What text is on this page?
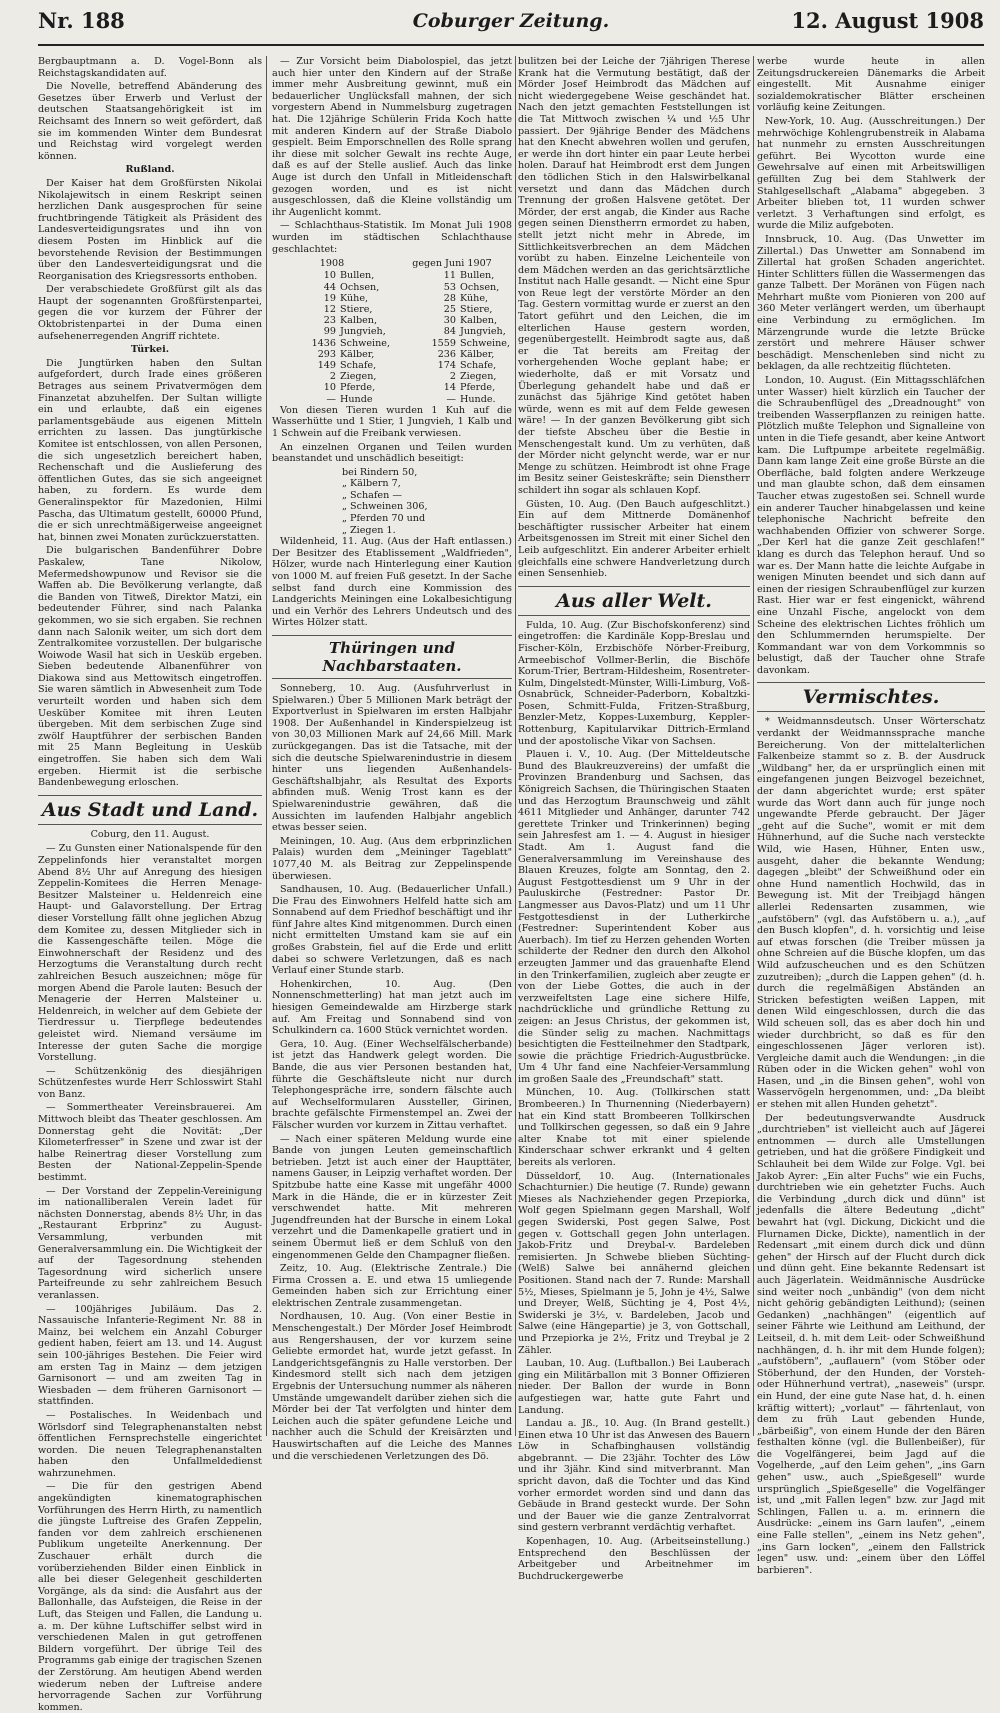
Nr. 188	Coburger Zeitung.	12. August 1908

Bergbauptmann a. D. Vogel-Bonn als Reichstagskandidaten auf.

Die Novelle, betreffend Abänderung des Gesetzes über Erwerb und Verlust der deutschen Staatsangehörigkeit ist im Reichsamt des Innern so weit gefördert, daß sie im kommenden Winter dem Bundesrat und Reichstag wird vorgelegt werden können.

Rußland.

Der Kaiser hat dem Großfürsten Nikolai Nikolajewitsch in einem Reskript seinen herzlichen Dank ausgesprochen für seine fruchtbringende Tätigkeit als Präsident des Landesverteidigungsrates und ihn von diesem Posten im Hinblick auf die bevorstehende Revision der Bestimmungen über den Landesverteidigungsrat und die Reorganisation des Kriegsressorts enthoben.

Der verabschiedete Großfürst gilt als das Haupt der sogenannten Großfürstenpartei, gegen die vor kurzem der Führer der Oktobristenpartei in der Duma einen aufsehenerregenden Angriff richtete.

Türkei.

Die Jungtürken haben den Sultan aufgefordert, durch Irade eines größeren Betrages aus seinem Privatvermögen dem Finanzetat abzuhelfen. Der Sultan willigte ein und erlaubte, daß ein eigenes parlamentsgebäude aus eigenen Mitteln errichten zu lassen. Das jungtürkische Komitee ist entschlossen, von allen Personen, die sich ungesetzlich bereichert haben, Rechenschaft und die Auslieferung des öffentlichen Gutes, das sie sich angeeignet haben, zu fordern. Es wurde dem Generalinspektor für Mazedonien, Hilmi Pascha, das Ultimatum gestellt, 60000 Pfund, die er sich unrechtmäßigerweise angeeignet hat, binnen zwei Monaten zurückzuerstatten.

Die bulgarischen Bandenführer Dobre Paskalew, Tane Nikolow, Mefermedshowpunow und Revisor sie die Waffen ab. Die Bevölkerung verlangte, daß die Banden von Titweß, Direktor Matzi, ein bedeutender Führer, sind nach Palanka gekommen, wo sie sich ergaben. Sie rechnen dann nach Salonik weiter, um sich dort dem Zentralkomitee vorzustellen. Der bulgarische Woiwode Wasil hat sich in Uesküb ergeben. Sieben bedeutende Albanenführer von Diakowa sind aus Mettowitsch eingetroffen. Sie waren sämtlich in Abwesenheit zum Tode verurteilt worden und haben sich dem Uesküber Komitee mit ihren Leuten übergeben. Mit dem serbischen Zuge sind zwölf Hauptführer der serbischen Banden mit 25 Mann Begleitung in Uesküb eingetroffen. Sie haben sich dem Wali ergeben. Hiermit ist die serbische Bandenbewegung erloschen.

Aus Stadt und Land.
Coburg, den 11. August.

— Zu Gunsten einer Nationalspende für den Zeppelinfonds hier veranstaltet morgen Abend 8½ Uhr auf Anregung des hiesigen Zeppelin-Komitees die Herren Menage-Besitzer Malsteiner u. Heldenreich eine Haupt- und Galavorstellung. Der Ertrag dieser Vorstellung fällt ohne jeglichen Abzug dem Komitee zu, dessen Mitglieder sich in die Kassengeschäfte teilen. Möge die Einwohnerschaft der Residenz und des Herzogtums die Veranstaltung durch recht zahlreichen Besuch auszeichnen; möge für morgen Abend die Parole lauten: Besuch der Menagerie der Herren Malsteiner u. Heldenreich, in welcher auf dem Gebiete der Tierdressur u. Tierpflege bedeutendes geleistet wird. Niemand versäume im Interesse der guten Sache die morgige Vorstellung.

— Schützenkönig des diesjährigen Schützenfestes wurde Herr Schlosswirt Stahl von Banz.

— Sommertheater Vereinsbrauerei. Am Mittwoch bleibt das Theater geschlossen. Am Donnerstag geht die Novität: „Der Kilometerfresser" in Szene und zwar ist der halbe Reinertrag dieser Vorstellung zum Besten der National-Zeppelin-Spende bestimmt.

— Der Vorstand der Zeppelin-Vereinigung im nationalliberalen Verein ladet für nächsten Donnerstag, abends 8½ Uhr, in das „Restaurant Erbprinz" zu August-Versammlung, verbunden mit Generalversammlung ein. Die Wichtigkeit der auf der Tagesordnung stehenden Tagesordnung wird sicherlich unsere Parteifreunde zu sehr zahlreichem Besuch veranlassen.

— 100jähriges Jubiläum. Das 2. Nassauische Infanterie-Regiment Nr. 88 in Mainz, bei welchem ein Anzahl Coburger gedient haben, feiert am 13. und 14. August sein 100-jähriges Bestehen. Die Feier wird am ersten Tag in Mainz — dem jetzigen Garnisonort — und am zweiten Tag in Wiesbaden — dem früheren Garnisonort — stattfinden.

— Postalisches. In Weidenbach und Wörlsdorf sind Telegraphenanstalten nebst öffentlichen Fernsprechstelle eingerichtet worden. Die neuen Telegraphenanstalten haben den Unfallmeldedienst wahrzunehmen.

— Die für den gestrigen Abend angekündigten kinematographischen Vorführungen des Herrn Hirth, zu namentlich die jüngste Luftreise des Grafen Zeppelin, fanden vor dem zahlreich erschienenen Publikum ungeteilte Anerkennung. Der Zuschauer erhält durch die vorüberziehenden Bilder einen Einblick in alle bei dieser Gelegenheit geschilderten Vorgänge, als da sind: die Ausfahrt aus der Ballonhalle, das Aufsteigen, die Reise in der Luft, das Steigen und Fallen, die Landung u. a. m. Der kühne Luftschiffer selbst wird in verschiedenen Malen in gut getroffenen Bildern vorgeführt. Der übrige Teil des Programms gab einige der tragischen Szenen der Zerstörung. Am heutigen Abend werden wiederum neben der Luftreise andere hervorragende Sachen zur Vorführung kommen.

— Zur Vorsicht beim Diabolospiel, das jetzt auch hier unter den Kindern auf der Straße immer mehr Ausbreitung gewinnt, muß ein bedauerlicher Unglücksfall mahnen, der sich vorgestern Abend in Nummelsburg zugetragen hat. Die 12jährige Schülerin Frida Koch hatte mit anderen Kindern auf der Straße Diabolo gespielt. Beim Emporschnellen des Rolle sprang ihr diese mit solcher Gewalt ins rechte Auge, daß es auf der Stelle auslief. Auch das linke Auge ist durch den Unfall in Mitleidenschaft gezogen worden, und es ist nicht ausgeschlossen, daß die Kleine vollständig um ihr Augenlicht kommt.

— Schlachthaus-Statistik. Im Monat Juli 1908 wurden im städtischen Schlachthause geschlachtet:

1908		gegen Juni 1907	
10	Bullen,	11	Bullen,
44	Ochsen,	53	Ochsen,
19	Kühe,	28	Kühe,
12	Stiere,	25	Stiere,
23	Kalben,	30	Kalben,
99	Jungvieh,	84	Jungvieh,
1436	Schweine,	1559	Schweine,
293	Kälber,	236	Kälber,
149	Schafe,	174	Schafe,
2	Ziegen,	2	Ziegen,
10	Pferde,	14	Pferde,
—	Hunde	—	Hunde.

Von diesen Tieren wurden 1 Kuh auf die Wasserhütte und 1 Stier, 1 Jungvieh, 1 Kalb und 1 Schwein auf die Freibank verwiesen.

An einzelnen Organen und Teilen wurden beanstandet und unschädlich beseitigt:

bei Rindern 50,
„ Kälbern 7,
„ Schafen —
„ Schweinen 306,
„ Pferden 70 und
„ Ziegen 1.

Wildenheid, 11. Aug. (Aus der Haft entlassen.) Der Besitzer des Etablissement „Waldfrieden", Hölzer, wurde nach Hinterlegung einer Kaution von 1000 M. auf freien Fuß gesetzt. In der Sache selbst fand durch eine Kommission des Landgerichts Meiningen eine Lokalbesichtigung und ein Verhör des Lehrers Undeutsch und des Wirtes Hölzer statt.

Thüringen und Nachbarstaaten.

Sonneberg, 10. Aug. (Ausfuhrverlust in Spielwaren.) Über 5 Millionen Mark beträgt der Exportverlust in Spielwaren im ersten Halbjahr 1908. Der Außenhandel in Kinderspielzeug ist von 30,03 Millionen Mark auf 24,66 Mill. Mark zurückgegangen. Das ist die Tatsache, mit der sich die deutsche Spielwarenindustrie in diesem hinter uns liegenden Außenhandels-Geschäftshalbjahr, als Resultat des Exports abfinden muß. Wenig Trost kann es der Spielwarenindustrie gewähren, daß die Aussichten im laufenden Halbjahr angeblich etwas besser seien.

Meiningen, 10. Aug. (Aus dem erbprinzlichen Palais) wurden dem „Meininger Tageblatt" 1077,40 M. als Beitrag zur Zeppelinspende überwiesen.

Sandhausen, 10. Aug. (Bedauerlicher Unfall.) Die Frau des Einwohners Helfeld hatte sich am Sonnabend auf dem Friedhof beschäftigt und ihr fünf Jahre altes Kind mitgenommen. Durch einen nicht ermittelten Umstand kam sie auf ein großes Grabstein, fiel auf die Erde und erlitt dabei so schwere Verletzungen, daß es nach Verlauf einer Stunde starb.

Hohenkirchen, 10. Aug. (Den Nonnenschmetterling) hat man jetzt auch im hiesigen Gemeindewalde am Hirzberge stark auf. Am Freitag und Sonnabend sind von Schulkindern ca. 1600 Stück vernichtet worden.

Gera, 10. Aug. (Einer Wechselfälscherbande) ist jetzt das Handwerk gelegt worden. Die Bande, die aus vier Personen bestanden hat, führte die Geschäftsleute nicht nur durch Telephongespräche irre, sondern fälschte auch auf Wechselformularen Aussteller, Girinen, brachte gefälschte Firmenstempel an. Zwei der Fälscher wurden vor kurzem in Zittau verhaftet.

— Nach einer späteren Meldung wurde eine Bande von jungen Leuten gemeinschaftlich betrieben. Jetzt ist auch einer der Haupttäter, namens Gauser, in Leipzig verhaftet worden. Der Spitzbube hatte eine Kasse mit ungefähr 4000 Mark in die Hände, die er in kürzester Zeit verschwendet hatte. Mit mehreren Jugendfreunden hat der Bursche in einem Lokal verzehrt und die Damenkapelle gratiert und in seinem Übermut ließ er dem Schluß von den eingenommenen Gelde den Champagner fließen.

Zeitz, 10. Aug. (Elektrische Zentrale.) Die Firma Crossen a. E. und etwa 15 umliegende Gemeinden haben sich zur Errichtung einer elektrischen Zentrale zusammengetan.

Nordhausen, 10. Aug. (Von einer Bestie in Menschengestalt.) Der Mörder Josef Heimbrodt aus Rengershausen, der vor kurzem seine Geliebte ermordet hat, wurde jetzt gefasst. In Landgerichtsgefängnis zu Halle verstorben. Der Kindesmord stellt sich nach dem jetzigen Ergebnis der Untersuchung nummer als näheren Umstände umgewandelt darüber ziehen sich die Mörder bei der Tat verfolgten und hinter dem Leichen auch die später gefundene Leiche und nachher auch die Schuld der Kreisärzten und Hauswirtschaften auf die Leiche des Mannes und die verschiedenen Verletzungen des Dö.

bulitzen bei der Leiche der 7jährigen Therese Krank hat die Vermutung bestätigt, daß der Mörder Josef Heimbrodt das Mädchen auf nicht wiedergegebene Weise geschändet hat. Nach den jetzt gemachten Feststellungen ist die Tat Mittwoch zwischen ¼ und ½5 Uhr passiert. Der 9jährige Bender des Mädchens hat den Knecht abwehren wollen und gerufen, er werde ihn dort hinter ein paar Leute herbei holen. Darauf hat Heimbrodt erst dem Jungen den tödlichen Stich in den Halswirbelkanal versetzt und dann das Mädchen durch Trennung der großen Halsvene getötet. Der Mörder, der erst angab, die Kinder aus Rache gegen seinen Dienstherrn ermordet zu haben, stellt jetzt nicht mehr in Abrede, im Sittlichkeitsverbrechen an dem Mädchen vorübt zu haben. Einzelne Leichenteile von dem Mädchen werden an das gerichtsärztliche Institut nach Halle gesandt. — Nicht eine Spur von Reue legt der verstörte Mörder an den Tag. Gestern vormittag wurde er zuerst an den Tatort geführt und den Leichen, die im elterlichen Hause gestern worden, gegenübergestellt. Heimbrodt sagte aus, daß er die Tat bereits am Freitag der vorhergehenden Woche geplant habe; er wiederholte, daß er mit Vorsatz und Überlegung gehandelt habe und daß er zunächst das 5jährige Kind getötet haben würde, wenn es mit auf dem Felde gewesen wäre! — In der ganzen Bevölkerung gibt sich der tiefste Abscheu über die Bestie in Menschengestalt kund. Um zu verhüten, daß der Mörder nicht gelyncht werde, war er nur Menge zu schützen. Heimbrodt ist ohne Frage im Besitz seiner Geisteskräfte; sein Dienstherr schildert ihn sogar als schlauen Kopf.

Güsten, 10. Aug. (Den Bauch aufgeschlitzt.) Ein auf dem Mittnerde Domänenhof beschäftigter russischer Arbeiter hat einem Arbeitsgenossen im Streit mit einer Sichel den Leib aufgeschlitzt. Ein anderer Arbeiter erhielt gleichfalls eine schwere Handverletzung durch einen Sensenhieb.

Aus aller Welt.

Fulda, 10. Aug. (Zur Bischofskonferenz) sind eingetroffen: die Kardinäle Kopp-Breslau und Fischer-Köln, Erzbischöfe Nörber-Freiburg, Armeebischof Vollmer-Berlin, die Bischöfe Korum-Trier, Bertram-Hildesheim, Rosentreter-Kulm, Dingelstedt-Münster, Willi-Limburg, Voß-Osnabrück, Schneider-Paderborn, Kobaltzki-Posen, Schmitt-Fulda, Fritzen-Straßburg, Benzler-Metz, Koppes-Luxemburg, Keppler-Rottenburg, Kapitularvikar Dittrich-Ermland und der apostolische Vikar von Sachsen.

Plauen i. V., 10. Aug. (Der Mitteldeutsche Bund des Blaukreuzvereins) der umfaßt die Provinzen Brandenburg und Sachsen, das Königreich Sachsen, die Thüringischen Staaten und das Herzogtum Braunschweig und zählt 4611 Mitglieder und Anhänger, darunter 742 gerettete Trinker und Trinkerinnen) beging sein Jahresfest am 1. — 4. August in hiesiger Stadt. Am 1. August fand die Generalversammlung im Vereinshause des Blauen Kreuzes, folgte am Sonntag, den 2. August Festgottesdienst um 9 Uhr in der Pauluskirche (Festredner: Pastor Dr. Langmesser aus Davos-Platz) und um 11 Uhr Festgottesdienst in der Lutherkirche (Festredner: Superintendent Kober aus Auerbach). Im tief zu Herzen gehenden Worten schilderte der Redner den durch den Alkohol erzeugten Jammer und das grauenhafte Elend in den Trinkerfamilien, zugleich aber zeugte er von der Liebe Gottes, die auch in der verzweifeltsten Lage eine sichere Hilfe, nachdrückliche und gründliche Rettung zu zeigen: an Jesus Christus, der gekommen ist, die Sünder selig zu machen. Nachmittags besichtigten die Festteilnehmer den Stadtpark, sowie die prächtige Friedrich-Augustbrücke. Um 4 Uhr fand eine Nachfeier-Versammlung im großen Saale des „Freundschaft" statt.

München, 10. Aug. (Tollkirschen statt Brombeeren.) In Thurnenning (Niederbayern) hat ein Kind statt Brombeeren Tollkirschen und Tollkirschen gegessen, so daß ein 9 Jahre alter Knabe tot mit einer spielende Kinderschaar schwer erkrankt und 4 gelten bereits als verloren.

Düsseldorf, 10. Aug. (Internationales Schachturnier.) Die heutige (7. Runde) gewann Mieses als Nachziehender gegen Przepiorka, Wolf gegen Spielmann gegen Marshall, Wolf gegen Swiderski, Post gegen Salwe, Post gegen v. Gottschall gegen John unterlagen. Jakob-Fritz und Dreybal-v. Bardeleben remisierten. Jn Schwebe blieben Süchting-(Welß) Salwe bei annähernd gleichen Positionen. Stand nach der 7. Runde: Marshall 5½, Mieses, Spielmann je 5, John je 4½, Salwe und Dreyer, Welß, Süchting je 4, Post 4½, Swiderski je 3½, v. Bardeleben, Jacob und Salwe (eine Hängepartie) je 3, von Gottschall, und Przepiorka je 2½, Fritz und Treybal je 2 Zähler.

Lauban, 10. Aug. (Luftballon.) Bei Lauberach ging ein Militärballon mit 3 Bonner Offizieren nieder. Der Ballon der wurde in Bonn aufgestiegen war, hatte gute Fahrt und Landung.

Landau a. Jß., 10. Aug. (In Brand gestellt.) Einen etwa 10 Uhr ist das Anwesen des Bauern Löw in Schafbinghausen vollständig abgebrannt. — Die 23jähr. Tochter des Löw und ihr 3jähr. Kind sind mitverbrannt. Man spricht davon, daß die Tochter und das Kind vorher ermordet worden sind und dann das Gebäude in Brand gesteckt wurde. Der Sohn und der Bauer wie die ganze Zentralvorrat sind gestern verbrannt verdächtig verhaftet.

Kopenhagen, 10. Aug. (Arbeitseinstellung.) Entsprechend den Beschlüssen der Arbeitgeber und Arbeitnehmer im Buchdruckergewerbe

werbe wurde heute in allen Zeitungsdruckereien Dänemarks die Arbeit eingestellt. Mit Ausnahme einiger sozialdemokratischer Blätter erscheinen vorläufig keine Zeitungen.

New-York, 10. Aug. (Ausschreitungen.) Der mehrwöchige Kohlengrubenstreik in Alabama hat nunmehr zu ernsten Ausschreitungen geführt. Bei Wycotton wurde eine Gewehrsalve auf einen mit Arbeitswilligen gefüllten Zug bei dem Stahlwerk der Stahlgesellschaft „Alabama" abgegeben. 3 Arbeiter blieben tot, 11 wurden schwer verletzt. 3 Verhaftungen sind erfolgt, es wurde die Miliz aufgeboten.

Innsbruck, 10. Aug. (Das Unwetter im Zillertal.) Das Unwetter am Sonnabend im Zillertal hat großen Schaden angerichtet. Hinter Schlitters füllen die Wassermengen das ganze Talbett. Der Moränen von Fügen nach Mehrhart mußte vom Pionieren von 200 auf 360 Meter verlängert werden, um überhaupt eine Verbindung zu ermöglichen. Im Märzengrunde wurde die letzte Brücke zerstört und mehrere Häuser schwer beschädigt. Menschenleben sind nicht zu beklagen, da alle rechtzeitig flüchteten.

London, 10. August. (Ein Mittagsschläfchen unter Wasser) hielt kürzlich ein Taucher der die Schraubenflügel des „Dreadnought" von treibenden Wasserpflanzen zu reinigen hatte. Plötzlich mußte Telephon und Signalleine von unten in die Tiefe gesandt, aber keine Antwort kam. Die Luftpumpe arbeitete regelmäßig. Dann kam lange Zeit eine große Bürste an die Oberfläche, bald folgten andere Werkzeuge und man glaubte schon, daß dem einsamen Taucher etwas zugestoßen sei. Schnell wurde ein anderer Taucher hinabgelassen und keine telephonische Nachricht befreite den wachhabenden Offizier von schwerer Sorge. „Der Kerl hat die ganze Zeit geschlafen!" klang es durch das Telephon herauf. Und so war es. Der Mann hatte die leichte Aufgabe in wenigen Minuten beendet und sich dann auf einen der riesigen Schraubenflügel zur kurzen Rast. Hier war er fest eingenickt, während eine Unzahl Fische, angelockt von dem Scheine des elektrischen Lichtes fröhlich um den Schlummernden herumspielte. Der Kommandant war von dem Vorkommnis so belustigt, daß der Taucher ohne Strafe davonkam.

Vermischtes.

* Weidmannsdeutsch. Unser Wörterschatz verdankt der Weidmannssprache manche Bereicherung. Von der mittelalterlichen Falkenbeize stammt so z. B. der Ausdruck „Wildbang" her, da er ursprünglich einen mit eingefangenen jungen Beizvogel bezeichnet, der dann abgerichtet wurde; erst später wurde das Wort dann auch für junge noch ungewandte Pferde gebraucht. Der Jäger „geht auf die Suche", womit er mit dem Hühnerhund, auf die Suche nach versteckte Wild, wie Hasen, Hühner, Enten usw., ausgeht, daher die bekannte Wendung; dagegen „bleibt" der Schweißhund oder ein ohne Hund namentlich Hochwild, das in Bewegung ist. Mit der Treibjagd hängen allerlei Redensarten zusammen, wie „aufstöbern" (vgl. das Aufstöbern u. a.), „auf den Busch klopfen", d. h. vorsichtig und leise auf etwas forschen (die Treiber müssen ja ohne Schreien auf die Büsche klopfen, um das Wild aufzuscheuchen und es den Schützen zuzutreiben); „durch die Lappen gehen" (d. h. durch die regelmäßigen Abständen an Stricken befestigten weißen Lappen, mit denen Wild eingeschlossen, durch die das Wild scheuen soll, das es aber doch hin und wieder durchbricht, so daß es für den eingeschlossenen Jäger verloren ist). Vergleiche damit auch die Wendungen: „in die Rüben oder in die Wicken gehen" wohl von Hasen, und „in die Binsen gehen", wohl von Wasservögeln hergenommen, und: „Da bleibt er stehen mit allen Hunden gehetzt".

Der bedeutungsverwandte Ausdruck „durchtrieben" ist vielleicht auch auf Jägerei entnommen — durch alle Umstellungen getrieben, und hat die größere Findigkeit und Schlauheit bei dem Wilde zur Folge. Vgl. bei Jakob Ayrer: „Ein alter Fuchs" wie ein Fuchs, durchtrieben wie ein gehetzter Fuchs. Auch die Verbindung „durch dick und dünn" ist jedenfalls die ältere Bedeutung „dicht" bewahrt hat (vgl. Dickung, Dickicht und die Flurnamen Dicke, Dickte), namentlich in der Redensart „mit einem durch dick und dünn gehen" der Hirsch auf der Flucht durch dick und dünn geht. Eine bekannte Redensart ist auch Jägerlatein. Weidmännische Ausdrücke sind weiter noch „unbändig" (von dem nicht nicht gehörig gebändigten Leithund); (seinen Gedanken) „nachhängen" (eigentlich auf seiner Fährte wie Leithund am Leithund, der Leitseil, d. h. mit dem Leit- oder Schweißhund nachhängen, d. h. ihr mit dem Hunde folgen); „aufstöbern", „auflauern" (vom Stöber oder Stöberhund, der den Hunden, der Vorsteh- oder Hühnerhund vertrat), „naseweis" (urspr. ein Hund, der eine gute Nase hat, d. h. einen kräftig wittert); „vorlaut" — fährtenlaut, von dem zu früh Laut gebenden Hunde, „bärbeißig", von einem Hunde der den Bären festhalten könne (vgl. die Bullenbeißer), für die Vogelfängerei, beim Jagd auf die Vogelherde, „auf den Leim gehen", „ins Garn gehen" usw., auch „Spießgesell" wurde ursprünglich „Spießgeselle" die Vogelfänger ist, und „mit Fallen legen" bzw. zur Jagd mit Schlingen, Fallen u. a. m. erinnern die Ausdrücke: „einem ins Garn laufen", „einem eine Falle stellen", „einem ins Netz gehen", „ins Garn locken", „einem den Fallstrick legen" usw. und: „einem über den Löffel barbieren".
